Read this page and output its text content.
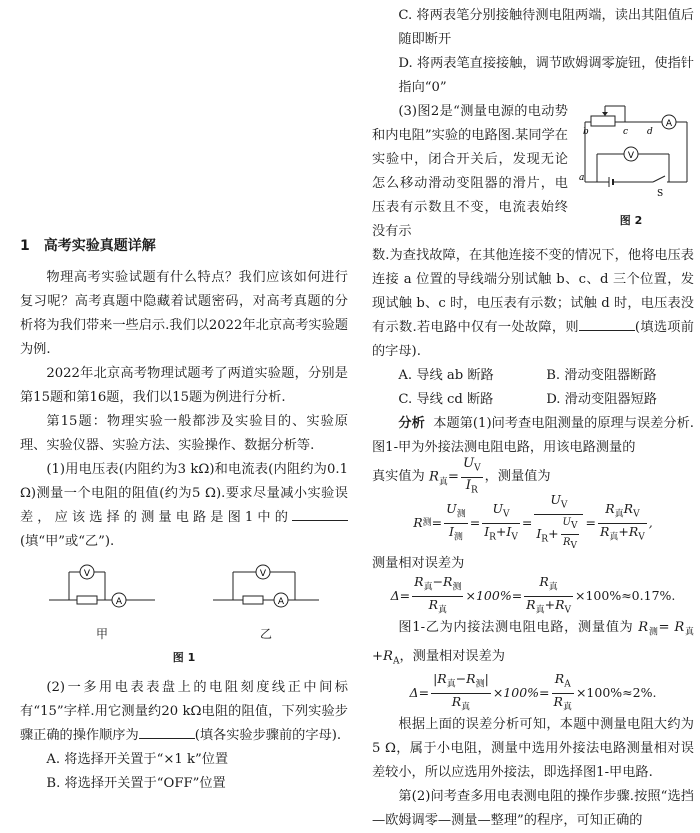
1 高考实验真题详解

物理高考实验试题有什么特点？我们应该如何进行复习呢？高考真题中隐藏着试题密码，对高考真题的分析将为我们带来一些启示.我们以2022年北京高考实验题为例.

2022年北京高考物理试题考了两道实验题，分别是第15题和第16题，我们以15题为例进行分析.

第15题：物理实验一般都涉及实验目的、实验原理、实验仪器、实验方法、实验操作、数据分析等.

(1)用电压表(内阻约为3 kΩ)和电流表(内阻约为0.1 Ω)测量一个电阻的阻值(约为5 Ω).要求尽量减小实验误差，应该选择的测量电路是图1中的(填“甲”或“乙”).

A
V
A
V
甲	乙
图 1

(2)一多用电表表盘上的电阻刻度线正中间标有“15”字样.用它测量约20 kΩ电阻的阻值，下列实验步骤正确的操作顺序为	(填各实验步骤前的字母).

A. 将选择开关置于“×1 k”位置

B. 将选择开关置于“OFF”位置

C. 将两表笔分别接触待测电阻两端，读出其阻值后随即断开

D. 将两表笔直接接触，调节欧姆调零旋钮，使指针指向“0”

(3)图2是“测量电源的电动势和内电阻”实验的电路图.某同学在实验中，闭合开关后，发现无论怎么移动滑动变阻器的滑片，电压表有示数且不变，电流表始终没有示

A
b	c d
S
a
V
图 2

数.为查找故障，在其他连接不变的情况下，他将电压表连接 a 位置的导线端分别试触 b、c、d 三个位置，发现试触 b、c 时，电压表有示数；试触 d 时，电压表没有示数.若电路中仅有一处故障，则	(填选项前的字母).

A. 导线 ab 断路	B. 滑动变阻器断路
C. 导线 cd 断路	D. 滑动变阻器短路

分析 本题第(1)问考查电阻测量的原理与误差分析.图1-甲为外接法测电阻电路，用该电路测量的

真实值为 $R_真= \frac{U_V}{I_R}$ ，测量值为
R 测 = $\frac{U_测}{I_测} = \frac{U_V}{I_R+I_V} = \frac{U_V}{I_R+ \frac{U_V}{R_V}} = \frac{R_真R_V}{R_真+R_V}$ ,

测量相对误差为

$\Delta= \frac{R_真-R_测}{R_真} \times 100\%= \frac{R_真}{R_真+R_V} \times 100\%\approx 0.17\%$.

图1-乙为内接法测电阻电路，测量值为 $R_测= R_真+R_A$，测量相对误差为

$\Delta= \frac{|R_真-R_测|}{R_真} \times 100\%= \frac{R_A}{R_真} \times 100\%\approx 2\%$.

根据上面的误差分析可知，本题中测量电阻大约为5 Ω，属于小电阻，测量中选用外接法电路测量相对误差较小，所以应选用外接法，即选择图1-甲电路.

第(2)问考查多用电表测电阻的操作步骤.按照“选挡—欧姆调零—测量—整理”的程序，可知正确的
